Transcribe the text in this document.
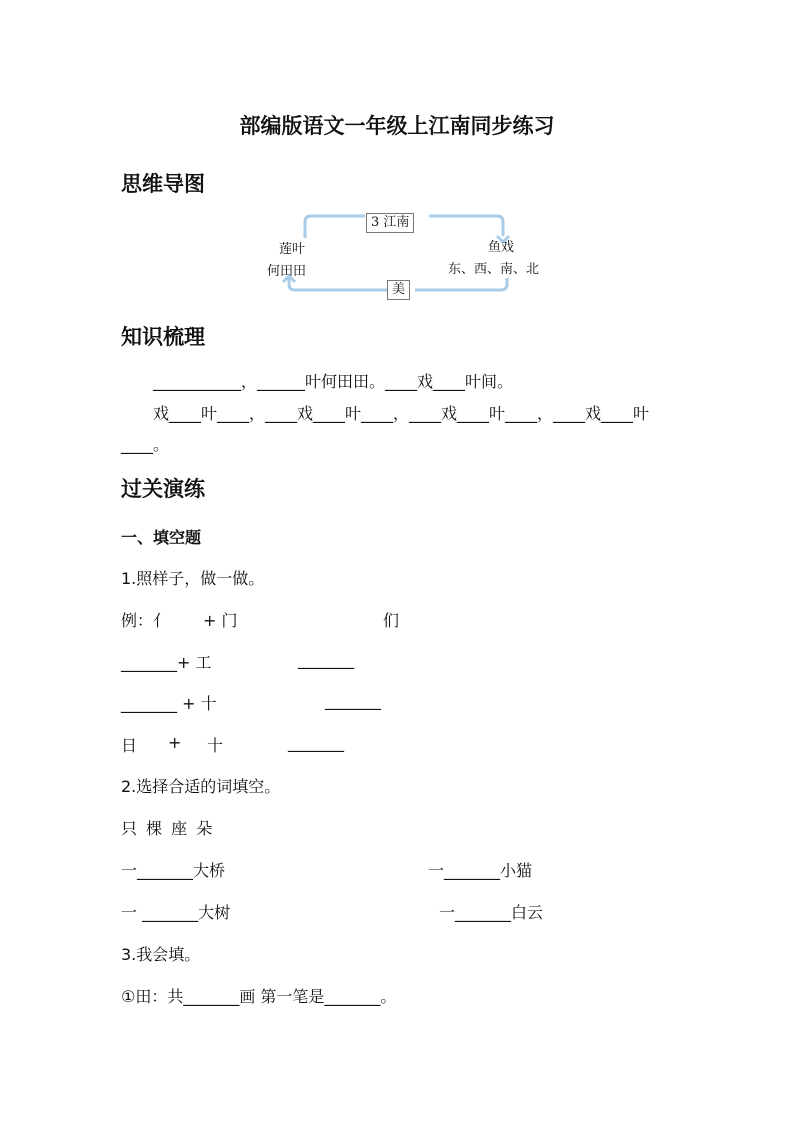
部编版语文一年级上江南同步练习
思维导图
3 江南
莲叶
何田田
鱼戏
东、西、南、北
美
知识梳理
___________，______叶何田田。____戏____叶间。
戏____叶____，____戏____叶____，____戏____叶____，____戏____叶
____。
过关演练
一、填空题
1.照样子，做一做。
例：亻 + 门	们
_______+ 工	_______
_______ + 十	_______
日 + 十	_______
2.选择合适的词填空。
只 棵 座 朵
一_______大桥	一_______小猫
一 _______大树	一_______白云
3.我会填。
①田：共_______画 第一笔是_______。
